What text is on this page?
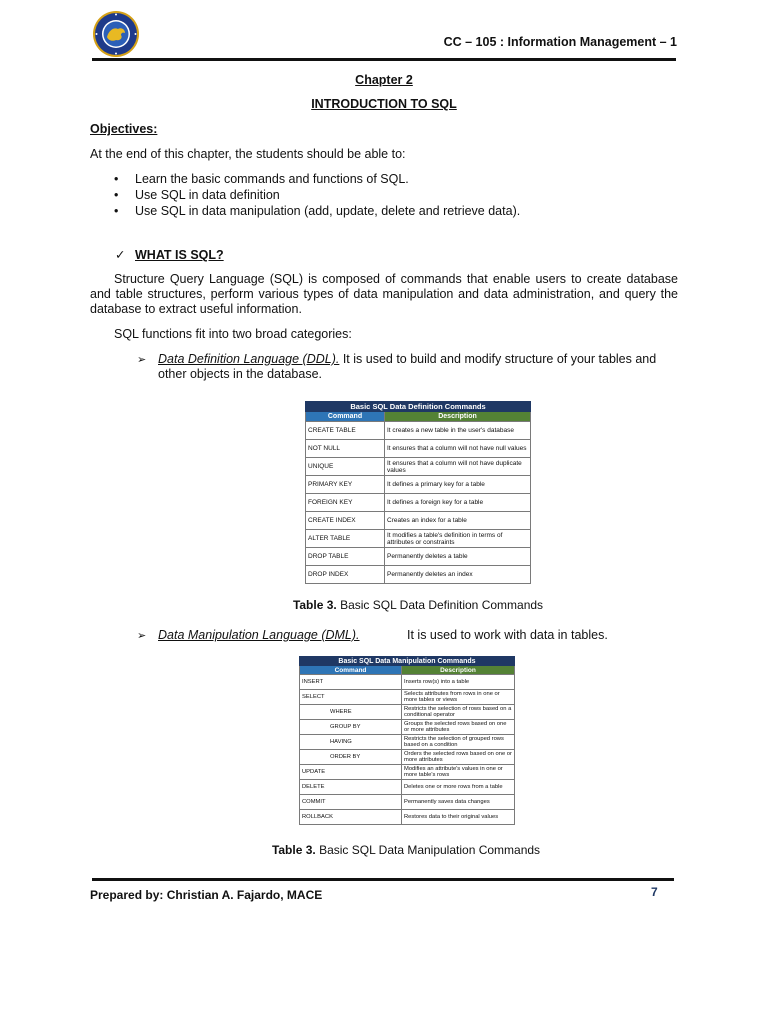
CC – 105 : Information Management – 1
Chapter 2
INTRODUCTION TO SQL
Objectives:
At the end of this chapter, the students should be able to:
• Learn the basic commands and functions of SQL.
• Use SQL in data definition
• Use SQL in data manipulation (add, update, delete and retrieve data).
✓ WHAT IS SQL?
Structure Query Language (SQL) is composed of commands that enable users to create database and table structures, perform various types of data manipulation and data administration, and query the database to extract useful information.
SQL functions fit into two broad categories:
➢ Data Definition Language (DDL). It is used to build and modify structure of your tables and other objects in the database.
Basic SQL Data Definition Commands	
Command	Description
CREATE TABLE	It creates a new table in the user's database
NOT NULL	It ensures that a column will not have null values
UNIQUE	It ensures that a column will not have duplicate values
PRIMARY KEY	It defines a primary key for a table
FOREIGN KEY	It defines a foreign key for a table
CREATE INDEX	Creates an index for a table
ALTER TABLE	It modifies a table's definition in terms of attributes or constraints
DROP TABLE	Permanently deletes a table
DROP INDEX	Permanently deletes an index
Table 3. Basic SQL Data Definition Commands
➢ Data Manipulation Language (DML).	It is used to work with data in tables.
Basic SQL Data Manipulation Commands	
Command	Description
INSERT	Inserts row(s) into a table
SELECT	Selects attributes from rows in one or more tables or views
WHERE	Restricts the selection of rows based on a conditional operator
GROUP BY	Groups the selected rows based on one or more attributes
HAVING	Restricts the selection of grouped rows based on a condition
ORDER BY	Orders the selected rows based on one or more attributes
UPDATE	Modifies an attribute's values in one or more table's rows
DELETE	Deletes one or more rows from a table
COMMIT	Permanently saves data changes
ROLLBACK	Restores data to their original values
Table 3. Basic SQL Data Manipulation Commands
Prepared by: Christian A. Fajardo, MACE	7
